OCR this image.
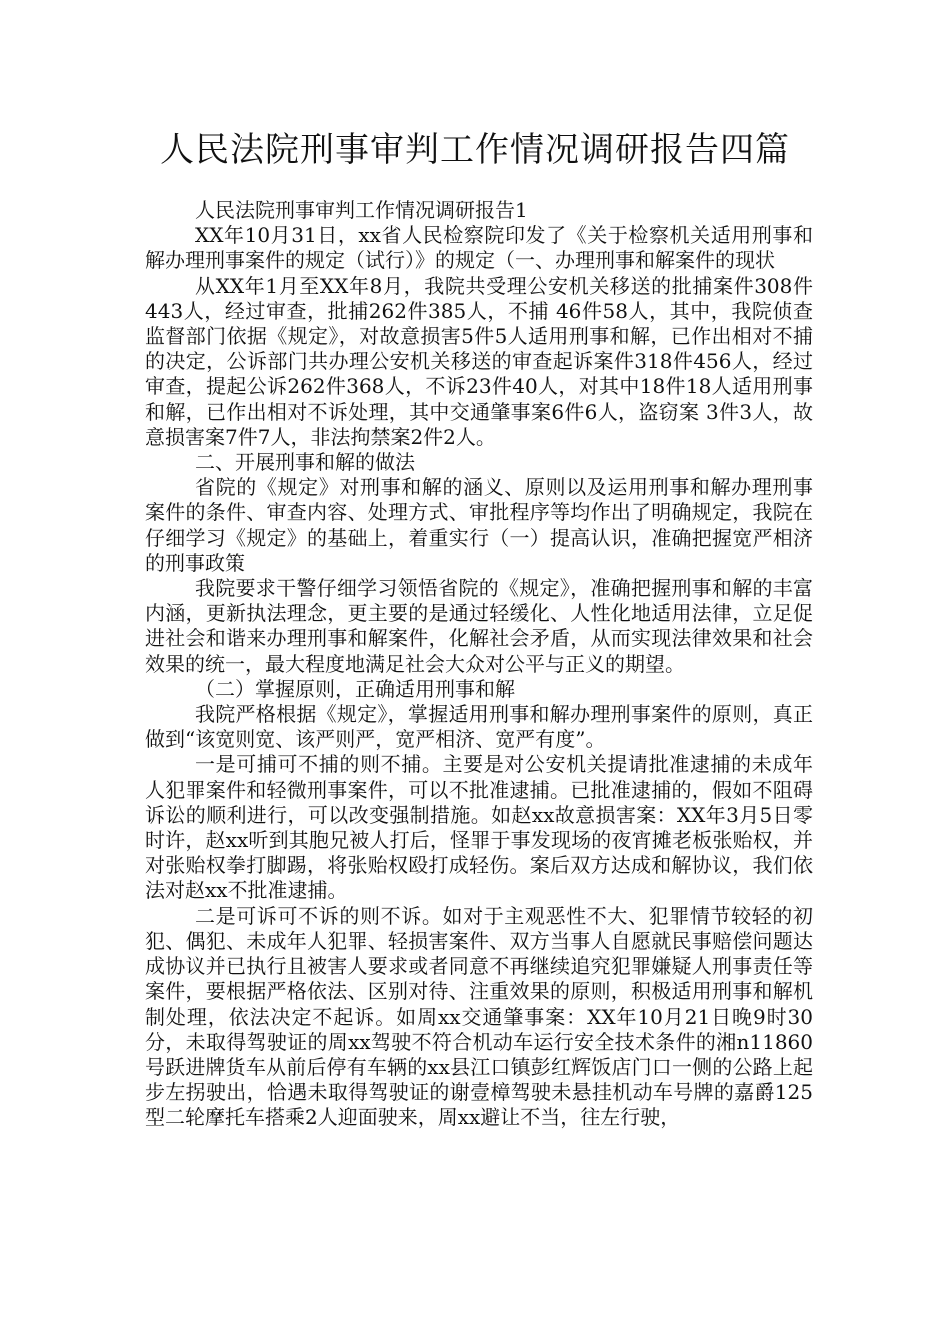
人民法院刑事审判工作情况调研报告四篇

人民法院刑事审判工作情况调研报告1

XX年10月31日，xx省人民检察院印发了《关于检察机关适用刑事和解办理刑事案件的规定（试行）》的规定（一、办理刑事和解案件的现状

从XX年1月至XX年8月，我院共受理公安机关移送的批捕案件308件443人，经过审查，批捕262件385人，不捕 46件58人，其中，我院侦查监督部门依据《规定》，对故意损害5件5人适用刑事和解，已作出相对不捕的决定，公诉部门共办理公安机关移送的审查起诉案件318件456人，经过审查，提起公诉262件368人，不诉23件40人，对其中18件18人适用刑事和解，已作出相对不诉处理，其中交通肇事案6件6人，盗窃案 3件3人，故意损害案7件7人，非法拘禁案2件2人。

二、开展刑事和解的做法

省院的《规定》对刑事和解的涵义、原则以及运用刑事和解办理刑事案件的条件、审查内容、处理方式、审批程序等均作出了明确规定，我院在仔细学习《规定》的基础上，着重实行（一）提高认识，准确把握宽严相济的刑事政策

我院要求干警仔细学习领悟省院的《规定》，准确把握刑事和解的丰富内涵，更新执法理念，更主要的是通过轻缓化、人性化地适用法律，立足促进社会和谐来办理刑事和解案件，化解社会矛盾，从而实现法律效果和社会效果的统一，最大程度地满足社会大众对公平与正义的期望。

（二）掌握原则，正确适用刑事和解

我院严格根据《规定》，掌握适用刑事和解办理刑事案件的原则，真正做到“该宽则宽、该严则严，宽严相济、宽严有度”。

一是可捕可不捕的则不捕。主要是对公安机关提请批准逮捕的未成年人犯罪案件和轻微刑事案件，可以不批准逮捕。已批准逮捕的，假如不阻碍诉讼的顺利进行，可以改变强制措施。如赵xx故意损害案：XX年3月5日零时许，赵xx听到其胞兄被人打后，怪罪于事发现场的夜宵摊老板张贻权，并对张贻权拳打脚踢，将张贻权殴打成轻伤。案后双方达成和解协议，我们依法对赵xx不批准逮捕。

二是可诉可不诉的则不诉。如对于主观恶性不大、犯罪情节较轻的初犯、偶犯、未成年人犯罪、轻损害案件、双方当事人自愿就民事赔偿问题达成协议并已执行且被害人要求或者同意不再继续追究犯罪嫌疑人刑事责任等案件，要根据严格依法、区别对待、注重效果的原则，积极适用刑事和解机制处理，依法决定不起诉。如周xx交通肇事案：XX年10月21日晚9时30分，未取得驾驶证的周xx驾驶不符合机动车运行安全技术条件的湘n11860号跃进牌货车从前后停有车辆的xx县江口镇彭红辉饭店门口一侧的公路上起步左拐驶出，恰遇未取得驾驶证的谢壹樟驾驶未悬挂机动车号牌的嘉爵125型二轮摩托车搭乘2人迎面驶来，周xx避让不当，往左行驶，
